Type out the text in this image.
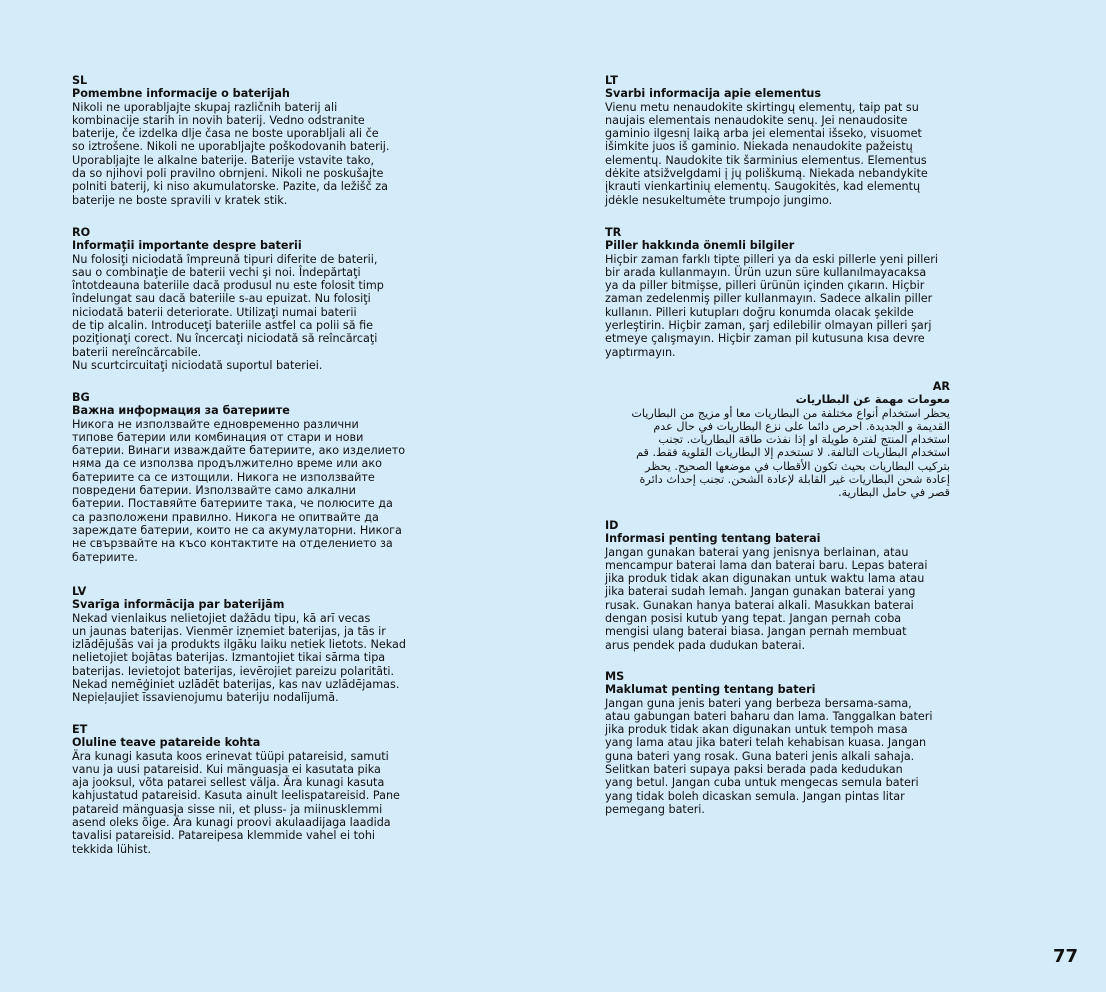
SL
Pomembne informacije o baterijah
Nikoli ne uporabljajte skupaj različnih baterij ali
kombinacije starih in novih baterij. Vedno odstranite
baterije, če izdelka dlje časa ne boste uporabljali ali če
so iztrošene. Nikoli ne uporabljajte poškodovanih baterij.
Uporabljajte le alkalne baterije. Baterije vstavite tako,
da so njihovi poli pravilno obrnjeni. Nikoli ne poskušajte
polniti baterij, ki niso akumulatorske. Pazite, da ležišč za
baterije ne boste spravili v kratek stik.
RO
Informaţii importante despre baterii
Nu folosiţi niciodată împreună tipuri diferite de baterii,
sau o combinaţie de baterii vechi şi noi. Îndepărtaţi
întotdeauna bateriile dacă produsul nu este folosit timp
îndelungat sau dacă bateriile s-au epuizat. Nu folosiţi
niciodată baterii deteriorate. Utilizaţi numai baterii
de tip alcalin. Introduceţi bateriile astfel ca polii să fie
poziţionaţi corect. Nu încercaţi niciodată să reîncărcaţi
baterii nereîncărcabile.
Nu scurtcircuitaţi niciodată suportul bateriei.
BG
Важна информация за батериите
Никога не използвайте едновременно различни
типове батерии или комбинация от стари и нови
батерии. Винаги изваждайте батериите, ако изделието
няма да се използва продължително време или ако
батериите са се изтощили. Никога не използвайте
повредени батерии. Използвайте само алкални
батерии. Поставяйте батериите така, че полюсите да
са разположени правилно. Никога не опитвайте да
зареждате батерии, които не са акумулаторни. Никога
не свързвайте на късо контактите на отделението за
батериите.
LV
Svarīga informācija par baterijām
Nekad vienlaikus nelietojiet dažādu tipu, kā arī vecas
un jaunas baterijas. Vienmēr izņemiet baterijas, ja tās ir
izlādējušās vai ja produkts ilgāku laiku netiek lietots. Nekad
nelietojiet bojātas baterijas. Izmantojiet tikai sārma tipa
baterijas. Ievietojot baterijas, ievērojiet pareizu polaritāti.
Nekad nemēģiniet uzlādēt baterijas, kas nav uzlādējamas.
Nepieļaujiet īssavienojumu bateriju nodalījumā.
ET
Oluline teave patareide kohta
Ära kunagi kasuta koos erinevat tüüpi patareisid, samuti
vanu ja uusi patareisid. Kui mänguasja ei kasutata pika
aja jooksul, võta patarei sellest välja. Ära kunagi kasuta
kahjustatud patareisid. Kasuta ainult leelispatareisid. Pane
patareid mänguasja sisse nii, et pluss- ja miinusklemmi
asend oleks õige. Ära kunagi proovi akulaadijaga laadida
tavalisi patareisid. Patareipesa klemmide vahel ei tohi
tekkida lühist.
LT
Svarbi informacija apie elementus
Vienu metu nenaudokite skirtingų elementų, taip pat su
naujais elementais nenaudokite senų. Jei nenaudosite
gaminio ilgesnį laiką arba jei elementai išseko, visuomet
išimkite juos iš gaminio. Niekada nenaudokite pažeistų
elementų. Naudokite tik šarminius elementus. Elementus
dėkite atsižvelgdami į jų poliškumą. Niekada nebandykite
įkrauti vienkartinių elementų. Saugokitės, kad elementų
jdėkle nesukeltumėte trumpojo jungimo.
TR
Piller hakkında önemli bilgiler
Hiçbir zaman farklı tipte pilleri ya da eski pillerle yeni pilleri
bir arada kullanmayın. Ürün uzun süre kullanılmayacaksa
ya da piller bitmişse, pilleri ürünün içinden çıkarın. Hiçbir
zaman zedelenmiş piller kullanmayın. Sadece alkalin piller
kullanın. Pilleri kutupları doğru konumda olacak şekilde
yerleştirin. Hiçbir zaman, şarj edilebilir olmayan pilleri şarj
etmeye çalışmayın. Hiçbir zaman pil kutusuna kısa devre
yaptırmayın.
AR
معومات مهمة عن البطاريات
يحظر استخدام أنواع مختلفة من البطاريات معا أو مزيج من البطاريات
القديمة و الجديدة. احرص دائما على نزع البطاريات في حال عدم
استخدام المنتج لفترة طويلة او إذا نفذت طاقة البطاريات. تجنب
استخدام البطاريات التالفة. لا تستخدم إلا البطاريات القلوية فقط. قم
بتركيب البطاريات بحيث تكون الأقطاب في موضعها الصحيح. يحظر
إعادة شحن البطاريات غير القابلة لإعادة الشحن. تجنب إحداث دائرة
قصر في حامل البطارية.
ID
Informasi penting tentang baterai
Jangan gunakan baterai yang jenisnya berlainan, atau
mencampur baterai lama dan baterai baru. Lepas baterai
jika produk tidak akan digunakan untuk waktu lama atau
jika baterai sudah lemah. Jangan gunakan baterai yang
rusak. Gunakan hanya baterai alkali. Masukkan baterai
dengan posisi kutub yang tepat. Jangan pernah coba
mengisi ulang baterai biasa. Jangan pernah membuat
arus pendek pada dudukan baterai.
MS
Maklumat penting tentang bateri
Jangan guna jenis bateri yang berbeza bersama-sama,
atau gabungan bateri baharu dan lama. Tanggalkan bateri
jika produk tidak akan digunakan untuk tempoh masa
yang lama atau jika bateri telah kehabisan kuasa. Jangan
guna bateri yang rosak. Guna bateri jenis alkali sahaja.
Selitkan bateri supaya paksi berada pada kedudukan
yang betul. Jangan cuba untuk mengecas semula bateri
yang tidak boleh dicaskan semula. Jangan pintas litar
pemegang bateri.
77
